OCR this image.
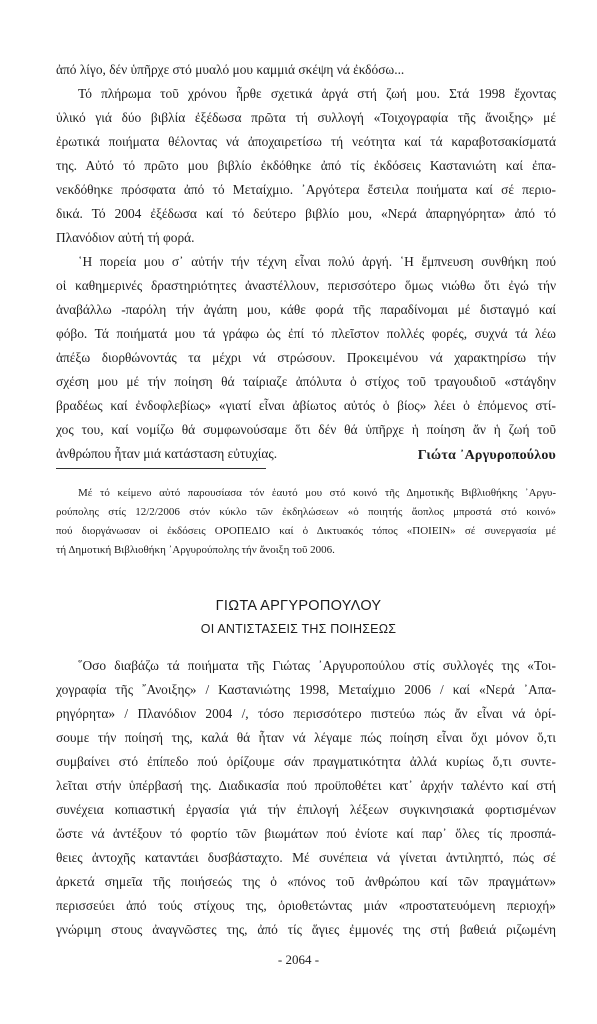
ἀπό λίγο, δέν ὑπῆρχε στό μυαλό μου καμμιά σκέψη νά ἐκδόσω...
Τό πλήρωμα τοῦ χρόνου ἦρθε σχετικά ἀργά στή ζωή μου. Στά 1998 ἔχοντας
ὑλικό γιά δύο βιβλία ἐξέδωσα πρῶτα τή συλλογή «Τοιχογραφία τῆς ἄνοιξης» μέ
ἐρωτικά ποιήματα θέλοντας νά ἀποχαιρετίσω τή νεότητα καί τά καραβοτσακίσματά
της. Αὐτό τό πρῶτο μου βιβλίο ἐκδόθηκε ἀπό τίς ἐκδόσεις Καστανιώτη καί ἐπα-
νεκδόθηκε πρόσφατα ἀπό τό Μεταίχμιο. ᾿Αργότερα ἔστειλα ποιήματα καί σέ περιο-
δικά. Τό 2004 ἐξέδωσα καί τό δεύτερο βιβλίο μου, «Νερά ἀπαρηγόρητα» ἀπό τό
Πλανόδιον αὐτή τή φορά.
῾Η πορεία μου σ᾿ αὐτήν τήν τέχνη εἶναι πολύ ἀργή. ῾Η ἔμπνευση συνθήκη πού
οἱ καθημερινές δραστηριότητες ἀναστέλλουν, περισσότερο ὅμως νιώθω ὅτι ἐγώ τήν
ἀναβάλλω -παρόλη τήν ἀγάπη μου, κάθε φορά τῆς παραδίνομαι μέ δισταγμό καί
φόβο. Τά ποιήματά μου τά γράφω ὡς ἐπί τό πλεῖστον πολλές φορές, συχνά τά λέω
ἀπέξω διορθώνοντάς τα μέχρι νά στρώσουν. Προκειμένου νά χαρακτηρίσω τήν
σχέση μου μέ τήν ποίηση θά ταίριαζε ἀπόλυτα ὁ στίχος τοῦ τραγουδιοῦ «στάγδην
βραδέως καί ἐνδοφλεβίως» «γιατί εἶναι ἀβίωτος αὐτός ὁ βίος» λέει ὁ ἑπόμενος στί-
χος του, καί νομίζω θά συμφωνούσαμε ὅτι δέν θά ὑπῆρχε ἡ ποίηση ἄν ἡ ζωή τοῦ
ἀνθρώπου ἦταν μιά κατάσταση εὐτυχίας.	Γιώτα ᾿Αργυροπούλου
Μέ τό κείμενο αὐτό παρουσίασα τόν ἑαυτό μου στό κοινό τῆς Δημοτικῆς Βιβλιοθήκης ᾿Αργυ-
ρούπολης στίς 12/2/2006 στόν κύκλο τῶν ἐκδηλώσεων «ὁ ποιητής ἄοπλος μπροστά στό κοινό»
πού διοργάνωσαν οἱ ἐκδόσεις ΟΡΟΠΕΔΙΟ καί ὁ Δικτυακός τόπος «ΠΟΙΕΙΝ» σέ συνεργασία μέ
τή Δημοτική Βιβλιοθήκη ᾿Αργυρούπολης τήν ἄνοιξη τοῦ 2006.
ΓΙΩΤΑ ΑΡΓΥΡΟΠΟΥΛΟΥ
ΟΙ ΑΝΤΙΣΤΑΣΕΙΣ ΤΗΣ ΠΟΙΗΣΕΩΣ
῞Οσο διαβάζω τά ποιήματα τῆς Γιώτας ᾿Αργυροπούλου στίς συλλογές της «Τοι-
χογραφία τῆς ῎Ανοιξης» / Καστανιώτης 1998, Μεταίχμιο 2006 / καί «Νερά ᾿Απα-
ρηγόρητα» / Πλανόδιον 2004 /, τόσο περισσότερο πιστεύω πώς ἄν εἶναι νά ὁρί-
σουμε τήν ποίησή της, καλά θά ἦταν νά λέγαμε πώς ποίηση εἶναι ὄχι μόνον ὅ,τι
συμβαίνει στό ἐπίπεδο πού ὁρίζουμε σάν πραγματικότητα ἀλλά κυρίως ὅ,τι συντε-
λεῖται στήν ὑπέρβασή της. Διαδικασία πού προϋποθέτει κατ᾿ ἀρχήν ταλέντο καί στή
συνέχεια κοπιαστική ἐργασία γιά τήν ἐπιλογή λέξεων συγκινησιακά φορτισμένων
ὥστε νά ἀντέξουν τό φορτίο τῶν βιωμάτων πού ἐνίοτε καί παρ᾿ ὅλες τίς προσπά-
θειες ἀντοχῆς καταντάει δυσβάσταχτο. Μέ συνέπεια νά γίνεται ἀντιληπτό, πώς σέ
ἀρκετά σημεῖα τῆς ποιήσεώς της ὁ «πόνος τοῦ ἀνθρώπου καί τῶν πραγμάτων»
περισσεύει ἀπό τούς στίχους της, ὁριοθετώντας μιάν «προστατευόμενη περιοχή»
γνώριμη στους ἀναγνῶστες της, ἀπό τίς ἅγιες ἐμμονές της στή βαθειά ριζωμένη
- 2064 -
